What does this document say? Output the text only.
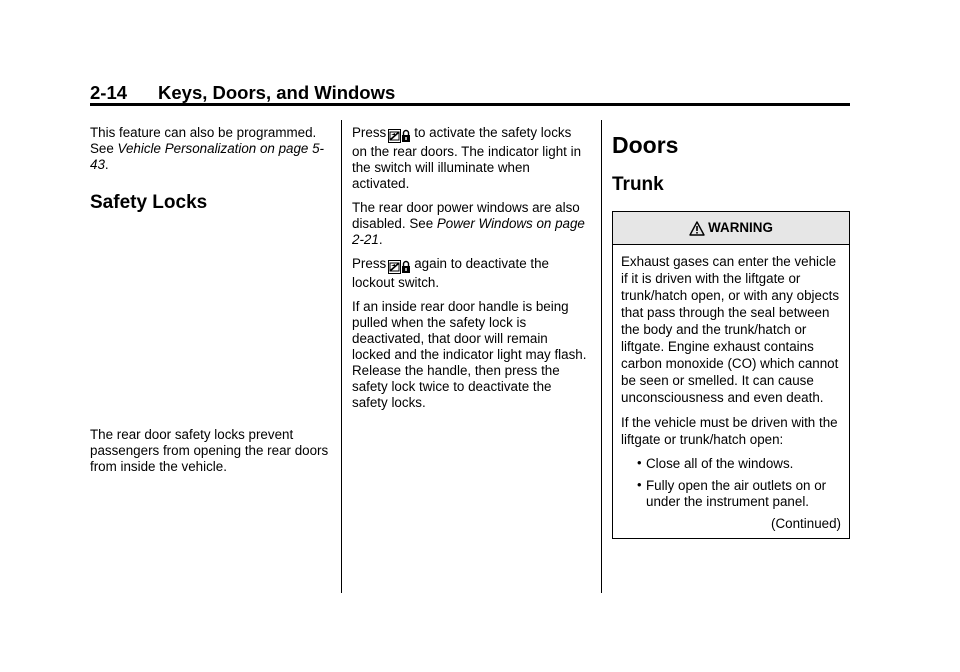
2-14 Keys, Doors, and Windows

This feature can also be programmed. See Vehicle Personalization on page 5-43.

Safety Locks

The rear door safety locks prevent passengers from opening the rear doors from inside the vehicle.

Press to activate the safety locks on the rear doors. The indicator light in the switch will illuminate when activated.

The rear door power windows are also disabled. See Power Windows on page 2-21.

Press again to deactivate the lockout switch.

If an inside rear door handle is being pulled when the safety lock is deactivated, that door will remain locked and the indicator light may flash. Release the handle, then press the safety lock twice to deactivate the safety locks.

Doors
Trunk
WARNING

Exhaust gases can enter the vehicle if it is driven with the liftgate or trunk/hatch open, or with any objects that pass through the seal between the body and the trunk/hatch or liftgate. Engine exhaust contains carbon monoxide (CO) which cannot be seen or smelled. It can cause unconsciousness and even death.

If the vehicle must be driven with the liftgate or trunk/hatch open:

• Close all of the windows.
• Fully open the air outlets on or under the instrument panel.
(Continued)
